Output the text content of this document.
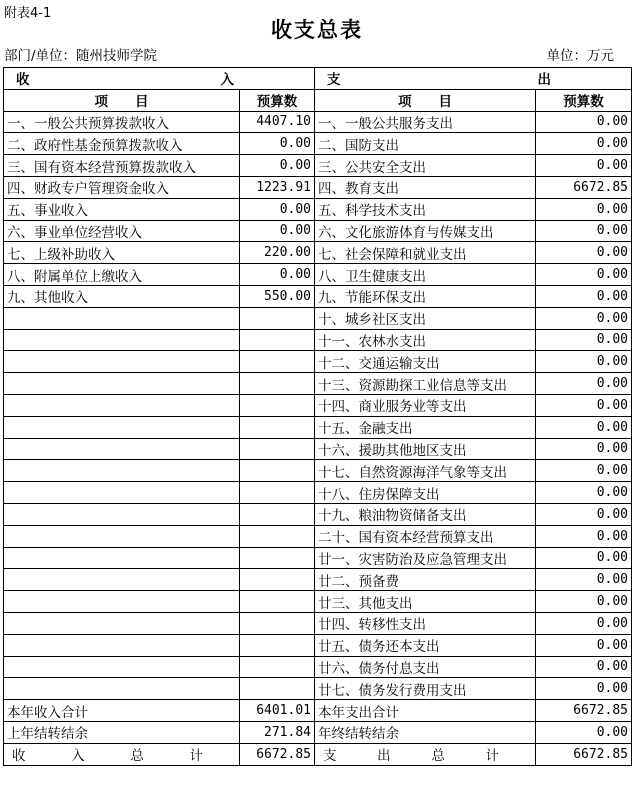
附表4-1
收支总表
部门/单位：随州技师学院	单位：万元
收　　入		支　　出	
项　　目	预算数	项　　目	预算数
一、一般公共预算拨款收入	4407.10	一、一般公共服务支出	0.00
二、政府性基金预算拨款收入	0.00	二、国防支出	0.00
三、国有资本经营预算拨款收入	0.00	三、公共安全支出	0.00
四、财政专户管理资金收入	1223.91	四、教育支出	6672.85
五、事业收入	0.00	五、科学技术支出	0.00
六、事业单位经营收入	0.00	六、文化旅游体育与传媒支出	0.00
七、上级补助收入	220.00	七、社会保障和就业支出	0.00
八、附属单位上缴收入	0.00	八、卫生健康支出	0.00
九、其他收入	550.00	九、节能环保支出	0.00
		十、城乡社区支出	0.00
		十一、农林水支出	0.00
		十二、交通运输支出	0.00
		十三、资源勘探工业信息等支出	0.00
		十四、商业服务业等支出	0.00
		十五、金融支出	0.00
		十六、援助其他地区支出	0.00
		十七、自然资源海洋气象等支出	0.00
		十八、住房保障支出	0.00
		十九、粮油物资储备支出	0.00
		二十、国有资本经营预算支出	0.00
		廿一、灾害防治及应急管理支出	0.00
		廿二、预备费	0.00
		廿三、其他支出	0.00
		廿四、转移性支出	0.00
		廿五、债务还本支出	0.00
		廿六、债务付息支出	0.00
		廿七、债务发行费用支出	0.00
本年收入合计	6401.01	本年支出合计	6672.85
上年结转结余	271.84	年终结转结余	0.00
收入总计	6672.85	支出总计	6672.85
